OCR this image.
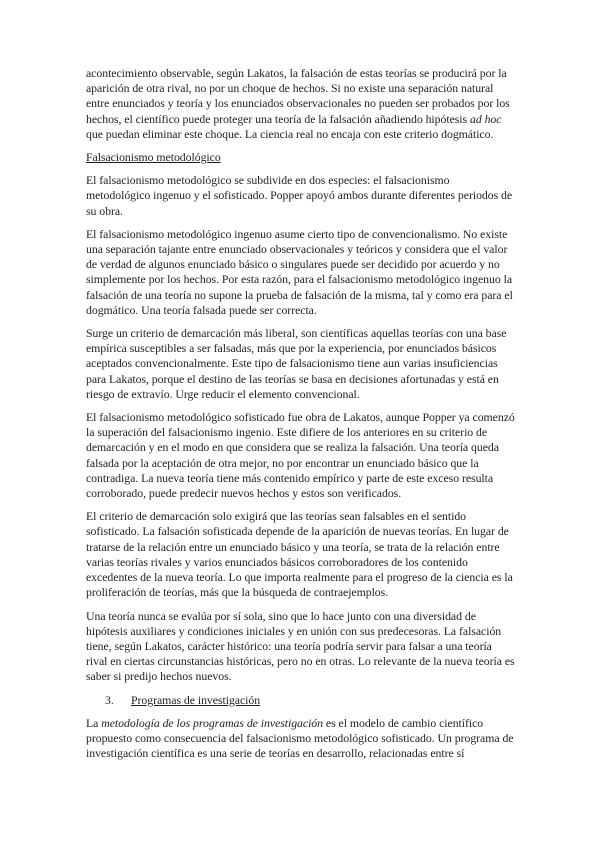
acontecimiento observable, según Lakatos, la falsación de estas teorías se producirá por la aparición de otra rival, no por un choque de hechos. Si no existe una separación natural entre enunciados y teoría y los enunciados observacionales no pueden ser probados por los hechos, el científico puede proteger una teoría de la falsación añadiendo hipótesis ad hoc que puedan eliminar este choque. La ciencia real no encaja con este criterio dogmático.

Falsacionismo metodológico

El falsacionismo metodológico se subdivide en dos especies: el falsacionismo metodológico ingenuo y el sofisticado. Popper apoyó ambos durante diferentes periodos de su obra.

El falsacionismo metodológico ingenuo asume cierto tipo de convencionalismo. No existe una separación tajante entre enunciado observacionales y teóricos y considera que el valor de verdad de algunos enunciado básico o singulares puede ser decidido por acuerdo y no simplemente por los hechos. Por esta razón, para el falsacionismo metodológico ingenuo la falsación de una teoría no supone la prueba de falsación de la misma, tal y como era para el dogmático. Una teoría falsada puede ser correcta.

Surge un criterio de demarcación más liberal, son científicas aquellas teorías con una base empírica susceptibles a ser falsadas, más que por la experiencia, por enunciados básicos aceptados convencionalmente. Este tipo de falsacionismo tiene aun varias insuficiencias para Lakatos, porque el destino de las teorías se basa en decisiones afortunadas y está en riesgo de extravío. Urge reducir el elemento convencional.

El falsacionismo metodológico sofisticado fue obra de Lakatos, aunque Popper ya comenzó la superación del falsacionismo ingenio. Este difiere de los anteriores en su criterio de demarcación y en el modo en que considera que se realiza la falsación. Una teoría queda falsada por la aceptación de otra mejor, no por encontrar un enunciado básico que la contradiga. La nueva teoría tiene más contenido empírico y parte de este exceso resulta corroborado, puede predecir nuevos hechos y estos son verificados.

El criterio de demarcación solo exigirá que las teorías sean falsables en el sentido sofisticado. La falsación sofisticada depende de la aparición de nuevas teorías. En lugar de tratarse de la relación entre un enunciado básico y una teoría, se trata de la relación entre varias teorías rivales y varios enunciados básicos corroboradores de los contenido excedentes de la nueva teoría. Lo que importa realmente para el progreso de la ciencia es la proliferación de teorías, más que la búsqueda de contraejemplos.

Una teoría nunca se evalúa por sí sola, sino que lo hace junto con una diversidad de hipótesis auxiliares y condiciones iniciales y en unión con sus predecesoras. La falsación tiene, según Lakatos, carácter histórico: una teoría podría servir para falsar a una teoría rival en ciertas circunstancias históricas, pero no en otras. Lo relevante de la nueva teoría es saber si predijo hechos nuevos.

3. Programas de investigación

La metodología de los programas de investigación es el modelo de cambio científico propuesto como consecuencia del falsacionismo metodológico sofisticado. Un programa de investigación científica es una serie de teorías en desarrollo, relacionadas entre sí
